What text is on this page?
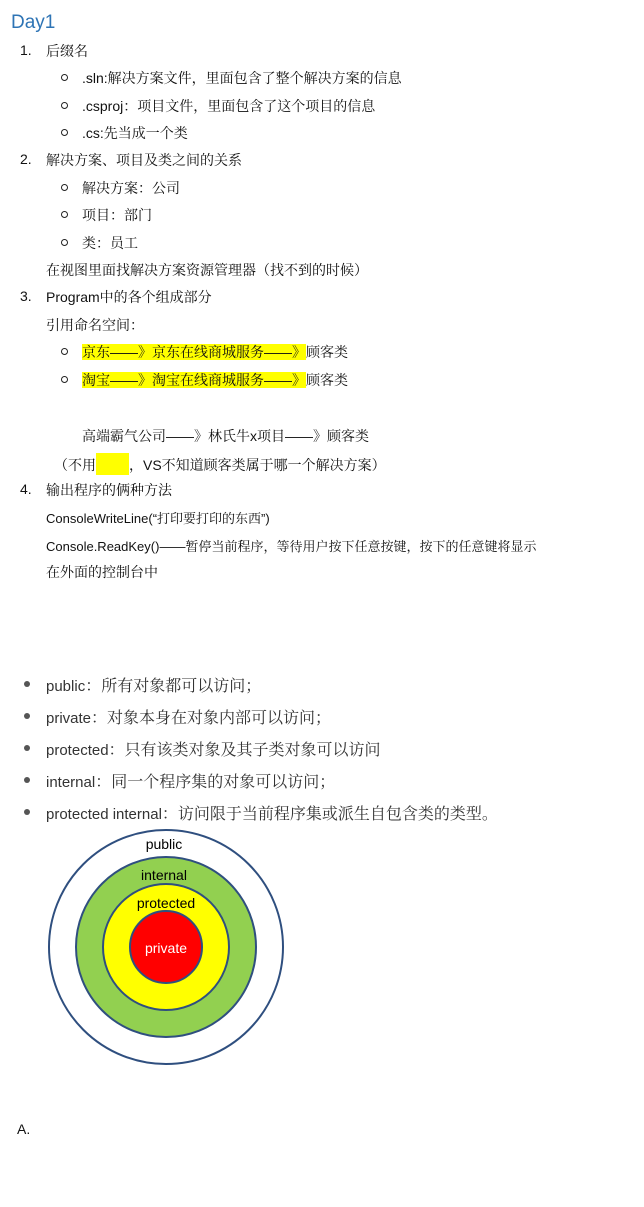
Day1
1. 后缀名
.sln:解决方案文件，里面包含了整个解决方案的信息
.csproj：项目文件，里面包含了这个项目的信息
.cs:先当成一个类
2. 解决方案、项目及类之间的关系
解决方案：公司
项目：部门
类：员工
在视图里面找解决方案资源管理器（找不到的时候）
3. Program中的各个组成部分
引用命名空间：
京东——》京东在线商城服务——》顾客类
淘宝——》淘宝在线商城服务——》顾客类
高端霸气公司——》林氏牛x项目——》顾客类
（不用 ，VS不知道顾客类属于哪一个解决方案）
4. 输出程序的俩种方法
ConsoleWriteLine(“打印要打印的东西”)
Console.ReadKey()——暂停当前程序，等待用户按下任意按键，按下的任意键将显示
在外面的控制台中
public：所有对象都可以访问；
private：对象本身在对象内部可以访问；
protected：只有该类对象及其子类对象可以访问
internal：同一个程序集的对象可以访问；
protected internal：访问限于当前程序集或派生自包含类的类型。
public
internal
protected
private
A.
